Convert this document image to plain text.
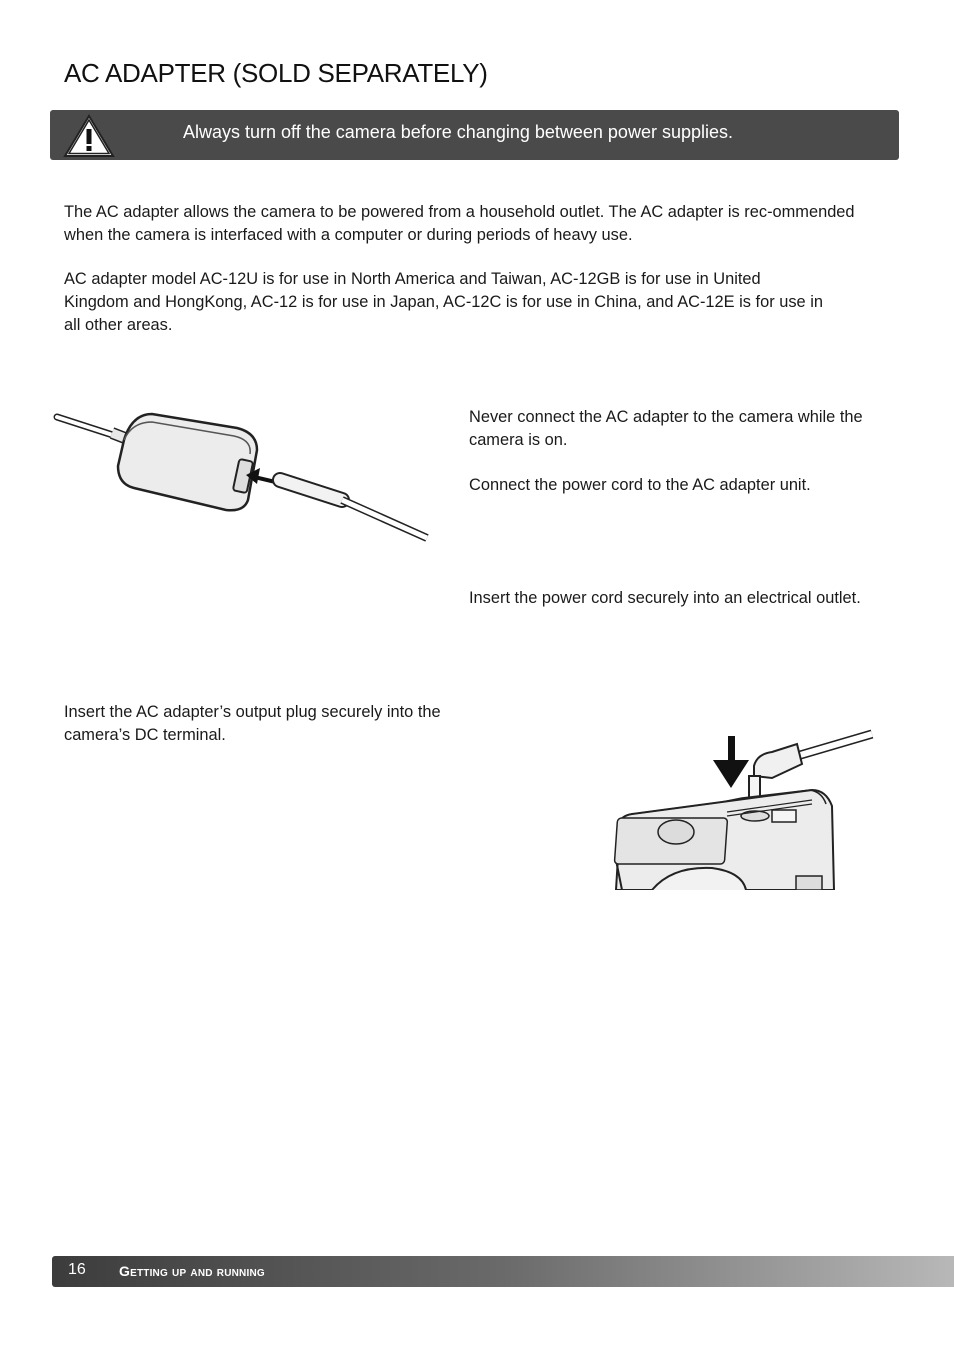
AC ADAPTER (SOLD SEPARATELY)
Always turn off the camera before changing between power supplies.

The AC adapter allows the camera to be powered from a household outlet. The AC adapter is rec-ommended when the camera is interfaced with a computer or during periods of heavy use.

AC adapter model AC-12U is for use in North America and Taiwan, AC-12GB is for use in United Kingdom and HongKong, AC-12 is for use in Japan, AC-12C is for use in China, and AC-12E is for use in all other areas.

Never connect the AC adapter to the camera while the camera is on.

Connect the power cord to the AC adapter unit.

Insert the power cord securely into an electrical outlet.

Insert the AC adapter’s output plug securely into the camera’s DC terminal.

16 Getting up and running
